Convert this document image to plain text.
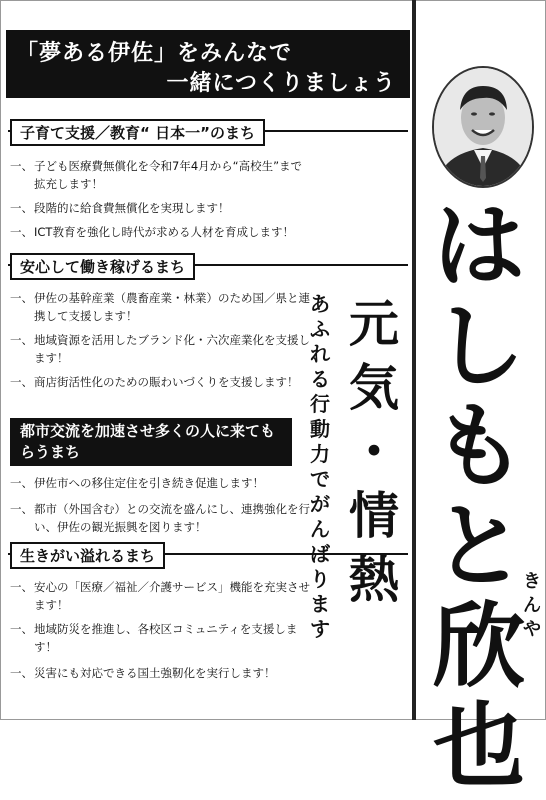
「夢ある伊佐」をみんなで
一緒につくりましょう
子育て支援／教育“ 日本一”のまち
一、 子ども医療費無償化を令和7年4月から“高校生”まで拡充します！
一、 段階的に給食費無償化を実現します！
一、 ICT教育を強化し時代が求める人材を育成します！
安心して働き稼げるまち
一、 伊佐の基幹産業（農畜産業・林業）のため国／県と連携して支援します！
一、 地域資源を活用したブランド化・六次産業化を支援します！
一、 商店街活性化のための賑わいづくりを支援します！
都市交流を加速させ多くの人に来てもらうまち
一、 伊佐市への移住定住を引き続き促進します！
一、 都市（外国含む）との交流を盛んにし、連携強化を行い、伊佐の観光振興を図ります！
生きがい溢れるまち
一、 安心の「医療／福祉／介護サービス」機能を充実させます！
一、 地域防災を推進し、各校区コミュニティを支援します！
一、 災害にも対応できる国土強靭化を実行します！
は
し
も
と
欣
也
き
ん
や
元
気
・
情
熱
あ
ふ
れ
る
行
動
力
で
が
ん
ば
り
ま
す
